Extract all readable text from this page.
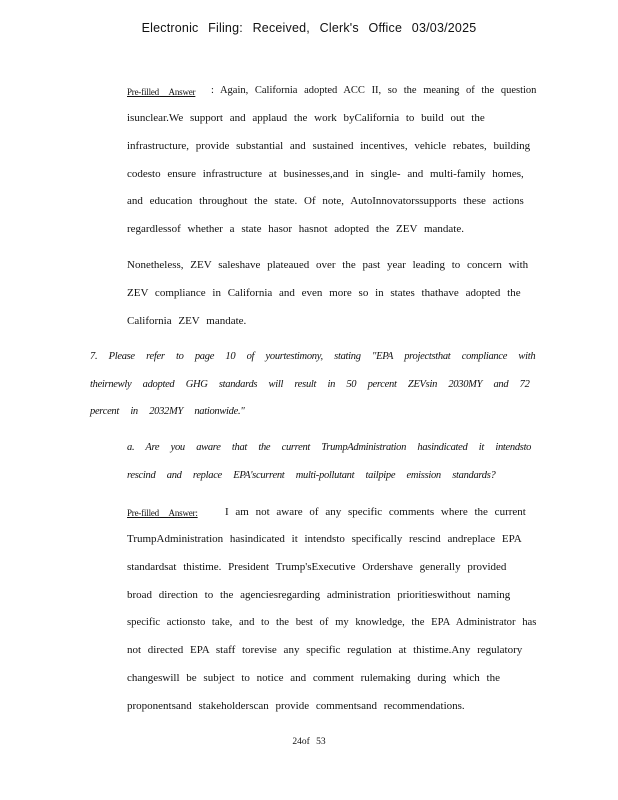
Electronic Filing: Received, Clerk's Office 03/03/2025
Pre-filled Answer : Again, California adopted ACC II, so the meaning of the question
isunclear.We support and applaud the work byCalifornia to build out the
infrastructure, provide substantial and sustained incentives, vehicle rebates, building
codesto ensure infrastructure at businesses,and in single- and multi-family homes,
and education throughout the state. Of note, AutoInnovatorssupports these actions
regardlessof whether a state hasor hasnot adopted the ZEV mandate.
Nonetheless, ZEV saleshave plateaued over the past year leading to concern with
ZEV compliance in California and even more so in states thathave adopted the
California ZEV mandate.
7. Please refer to page 10 of yourtestimony, stating "EPA projectsthat compliance with
theirnewly adopted GHG standards will result in 50 percent ZEVsin 2030MY and 72
percent in 2032MY nationwide."
a. Are you aware that the current TrumpAdministration hasindicated it intendsto
rescind and replace EPA'scurrent multi-pollutant tailpipe emission standards?
Pre-filled Answer: I am not aware of any specific comments where the current
TrumpAdministration hasindicated it intendsto specifically rescind andreplace EPA
standardsat thistime. President Trump'sExecutive Ordershave generally provided
broad direction to the agenciesregarding administration prioritieswithout naming
specific actionsto take, and to the best of my knowledge, the EPA Administrator has
not directed EPA staff torevise any specific regulation at thistime.Any regulatory
changeswill be subject to notice and comment rulemaking during which the
proponentsand stakeholderscan provide commentsand recommendations.
24of 53
